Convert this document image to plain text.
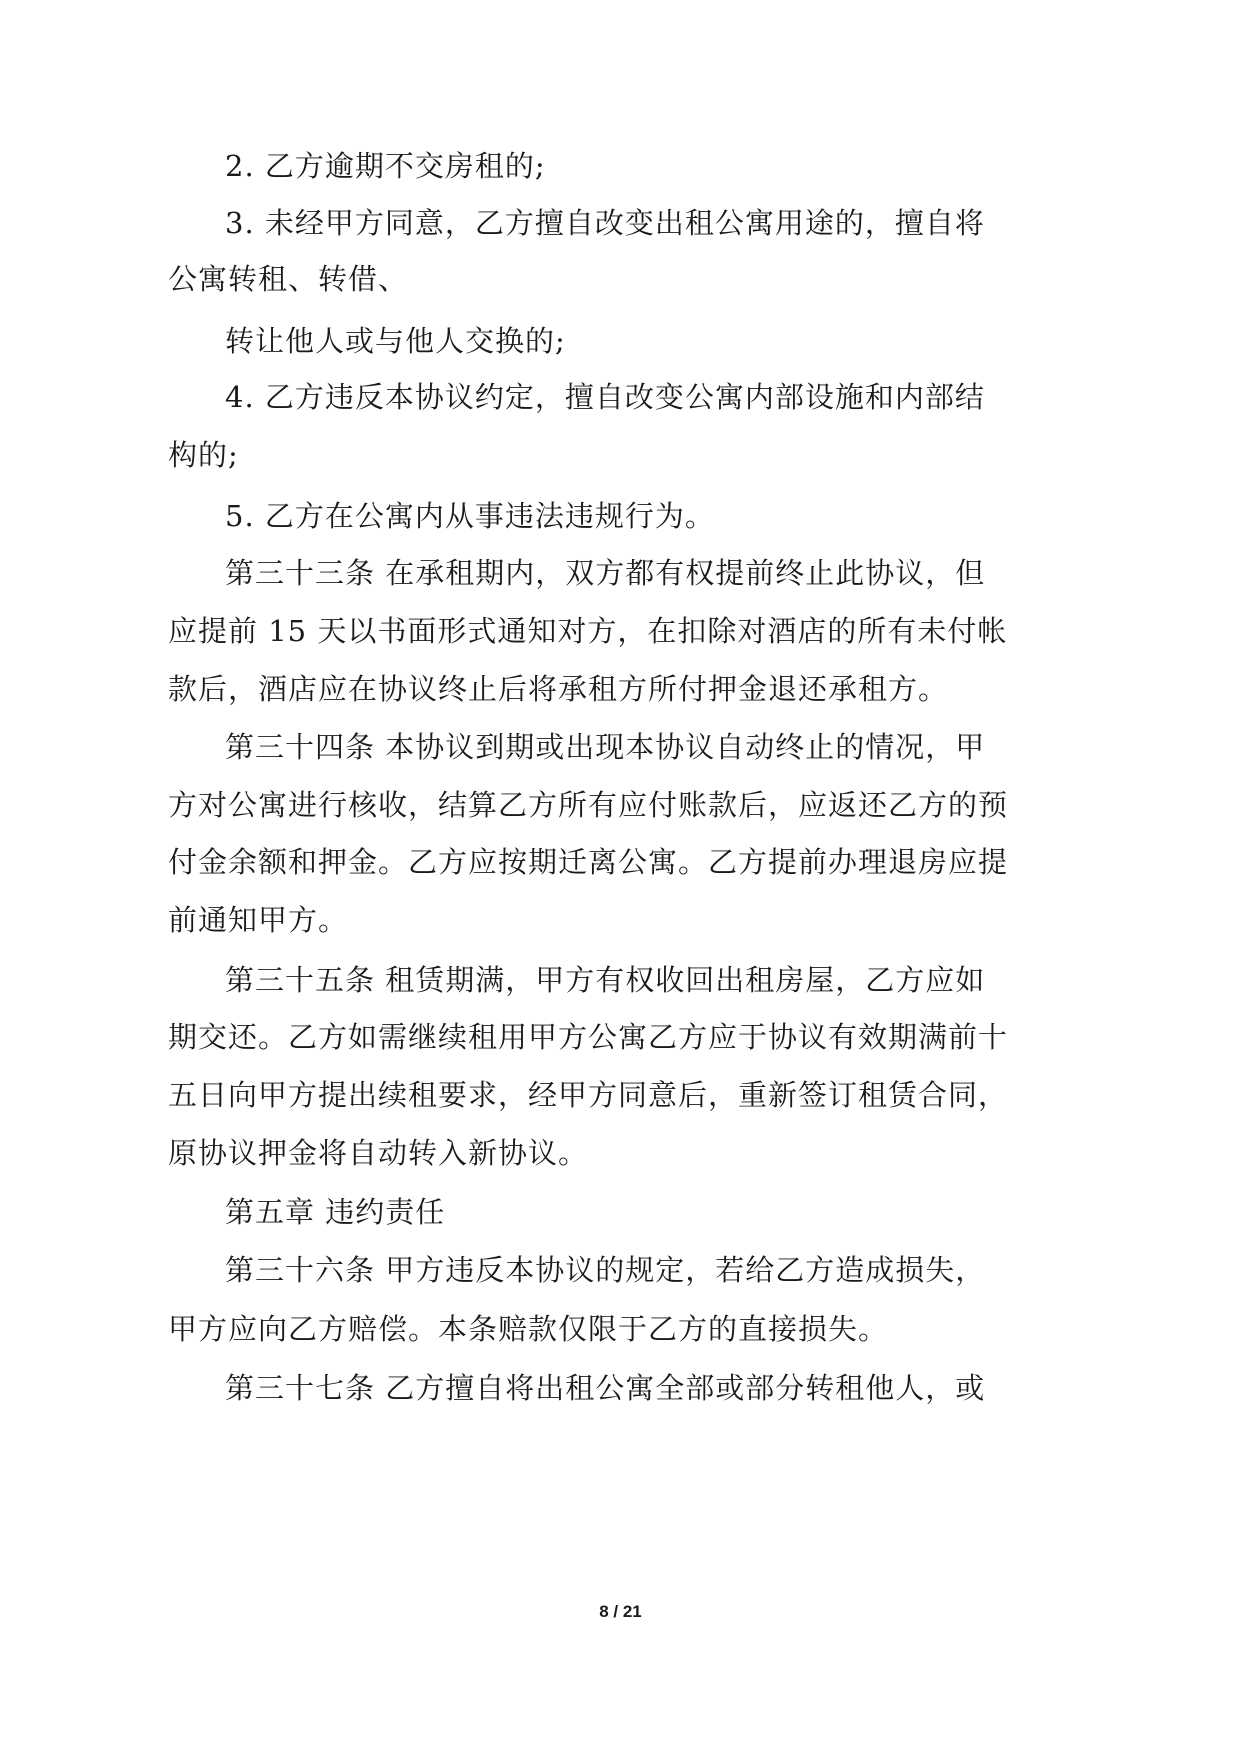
2. 乙方逾期不交房租的;
3. 未经甲方同意，乙方擅自改变出租公寓用途的，擅自将
公寓转租、转借、
转让他人或与他人交换的;
4. 乙方违反本协议约定，擅自改变公寓内部设施和内部结
构的;
5. 乙方在公寓内从事违法违规行为。
第三十三条 在承租期内，双方都有权提前终止此协议，但
应提前 15 天以书面形式通知对方，在扣除对酒店的所有未付帐
款后，酒店应在协议终止后将承租方所付押金退还承租方。
第三十四条 本协议到期或出现本协议自动终止的情况，甲
方对公寓进行核收，结算乙方所有应付账款后，应返还乙方的预
付金余额和押金。乙方应按期迁离公寓。乙方提前办理退房应提
前通知甲方。
第三十五条 租赁期满，甲方有权收回出租房屋，乙方应如
期交还。乙方如需继续租用甲方公寓乙方应于协议有效期满前十
五日向甲方提出续租要求，经甲方同意后，重新签订租赁合同，
原协议押金将自动转入新协议。
第五章 违约责任
第三十六条 甲方违反本协议的规定，若给乙方造成损失，
甲方应向乙方赔偿。本条赔款仅限于乙方的直接损失。
第三十七条 乙方擅自将出租公寓全部或部分转租他人，或
8 / 21
